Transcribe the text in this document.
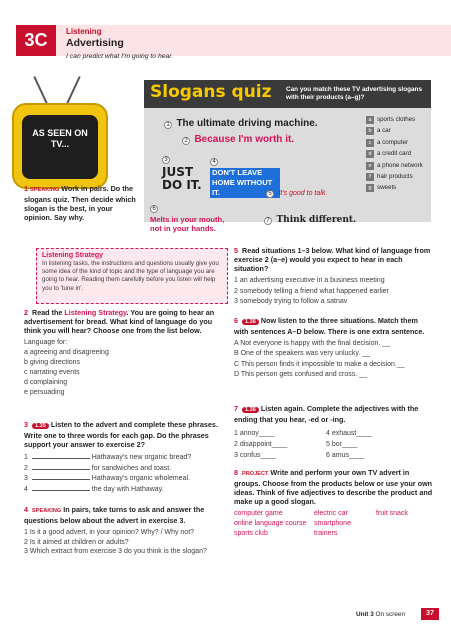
3C	Listening
Advertising
I can predict what I'm going to hear.
AS SEEN ON TV...
Slogans quiz Can you match these TV advertising slogans with their products (a–g)?
1 The ultimate driving machine.
2 Because I'm worth it.
3
JUST DO IT.
4
DON'T LEAVE HOME WITHOUT IT.	5 It's good to talk.
6
Melts in your mouth, not in your hands.
7 Think different.
a sports clothes
b a car
c a computer
d a credit card
e a phone network
f hair products
g sweets
1 SPEAKING Work in pairs. Do the slogans quiz. Then decide which slogan is the best, in your opinion. Say why.
Listening Strategy
In listening tasks, the instructions and questions usually give you some idea of the kind of topic and the type of language you are going to hear. Reading them carefully before you listen will help you to 'tune in'.
2 Read the Listening Strategy. You are going to hear an advertisement for bread. What kind of language do you think you will hear? Choose one from the list below.
Language for:
a agreeing and disagreeing
b giving directions
c narrating events
d complaining
e persuading
3 1.35 Listen to the advert and complete these phrases. Write one to three words for each gap. Do the phrases support your answer to exercise 2?
1	Hathaway's new organic bread?
2	for sandwiches and toast.
3	Hathaway's organic wholemeal.
4	the day with Hathaway.
4 SPEAKING In pairs, take turns to ask and answer the questions below about the advert in exercise 3.
1 Is it a good advert, in your opinion? Why? / Why not?
2 Is it aimed at children or adults?
3 Which extract from exercise 3 do you think is the slogan?
5 Read situations 1–3 below. What kind of language from exercise 2 (a–e) would you expect to hear in each situation?
1 an advertising executive in a business meeting
2 somebody telling a friend what happened earlier
3 somebody trying to follow a satnav
6 1.36 Now listen to the three situations. Match them with sentences A–D below. There is one extra sentence.
A Not everyone is happy with the final decision. __
B One of the speakers was very unlucky. __
C This person finds it impossible to make a decision.__
D This person gets confused and cross. __
7 1.36 Listen again. Complete the adjectives with the ending that you hear, -ed or -ing.
1 annoy____	4 exhaust____
2 disappoint____	5 bor____
3 confus____	6 amus____
8 PROJECT Write and perform your own TV advert in groups. Choose from the products below or use your own ideas. Think of five adjectives to describe the product and make up a good slogan.
computer game	electric car	fruit snack
online language course	smartphone
sports club	trainers
Unit 3 On screen	37
